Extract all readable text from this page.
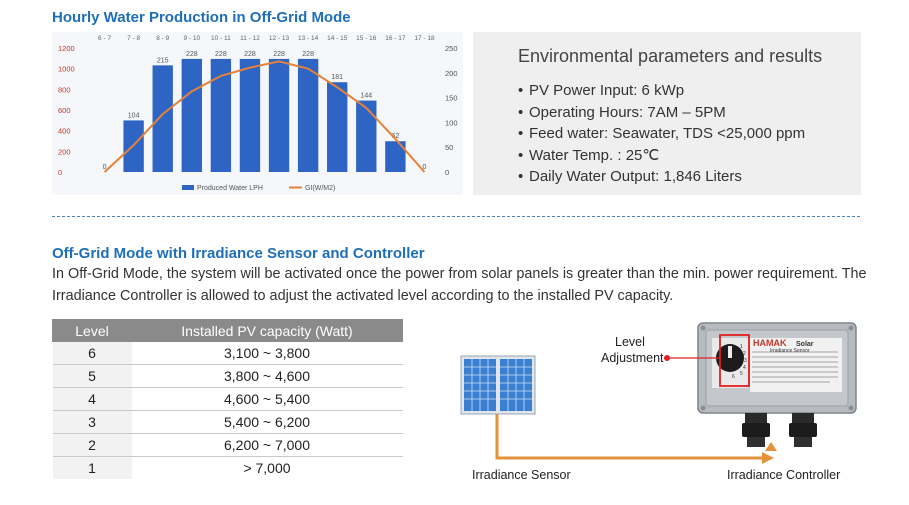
Hourly Water Production in Off-Grid Mode
6 - 7 7 - 8 8 - 9 9 - 10 10 - 11 11 - 12 12 - 13 13 - 14 14 - 15 15 - 16 16 - 17 17 - 18
0
200
400
600
800
1000
1200
0
50
100
150
200
250
0
104
215
228 228 228 228 228
181
144
62
0
Produced Water LPH	GI(W/M2)
Environmental parameters and results
• PV Power Input: 6 kWp
• Operating Hours: 7AM – 5PM
• Feed water: Seawater, TDS <25,000 ppm
• Water Temp. : 25℃
• Daily Water Output: 1,846 Liters
Off-Grid Mode with Irradiance Sensor and Controller
In Off-Grid Mode, the system will be activated once the power from solar panels is greater than the min. power requirement. The Irradiance Controller is allowed to adjust the activated level according to the installed PV capacity.
Level	Installed PV capacity (Watt)
6	3,100 ~ 3,800
5	3,800 ~ 4,600
4	4,600 ~ 5,400
3	5,400 ~ 6,200
2	6,200 ~ 7,000
1	> 7,000
HAMAK Solar
Irradiance Sensor
1
2
3
4
5
6
Level
Adjustment
Irradiance Sensor	Irradiance Controller
